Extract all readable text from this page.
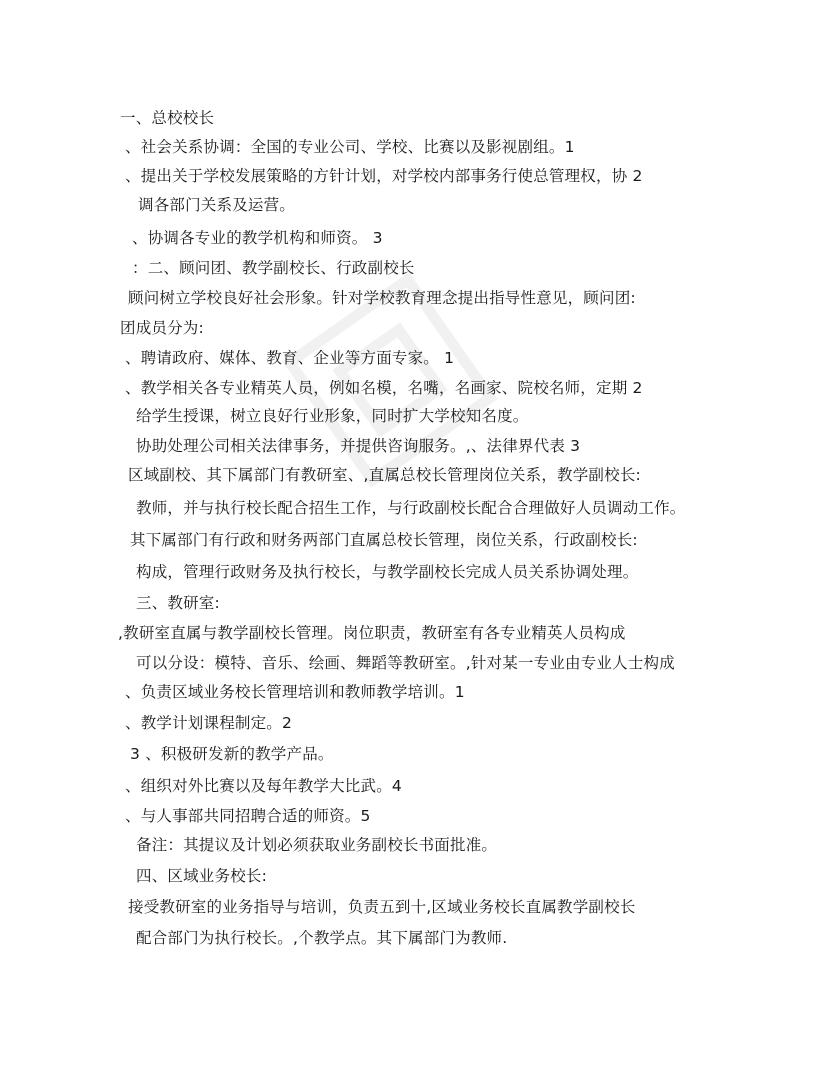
一、总校校长
、社会关系协调：全国的专业公司、学校、比赛以及影视剧组。1
、提出关于学校发展策略的方针计划，对学校内部事务行使总管理权，协 2
调各部门关系及运营。
、协调各专业的教学机构和师资。 3
：二、顾问团、教学副校长、行政副校长
顾问树立学校良好社会形象。针对学校教育理念提出指导性意见，顾问团:
团成员分为:
、聘请政府、媒体、教育、企业等方面专家。 1
、教学相关各专业精英人员，例如名模，名嘴，名画家、院校名师，定期 2
给学生授课，树立良好行业形象，同时扩大学校知名度。
协助处理公司相关法律事务，并提供咨询服务。,、法律界代表 3
区域副校、其下属部门有教研室、,直属总校长管理岗位关系，教学副校长:
教师，并与执行校长配合招生工作，与行政副校长配合合理做好人员调动工作。
其下属部门有行政和财务两部门直属总校长管理，岗位关系，行政副校长:
构成，管理行政财务及执行校长，与教学副校长完成人员关系协调处理。
三、教研室:
,教研室直属与教学副校长管理。岗位职责，教研室有各专业精英人员构成
可以分设：模特、音乐、绘画、舞蹈等教研室。,针对某一专业由专业人士构成
、负责区域业务校长管理培训和教师教学培训。1
、教学计划课程制定。2
3 、积极研发新的教学产品。
、组织对外比赛以及每年教学大比武。4
、与人事部共同招聘合适的师资。5
备注：其提议及计划必须获取业务副校长书面批准。
四、区域业务校长:
接受教研室的业务指导与培训，负责五到十,区域业务校长直属教学副校长
配合部门为执行校长。,个教学点。其下属部门为教师.
